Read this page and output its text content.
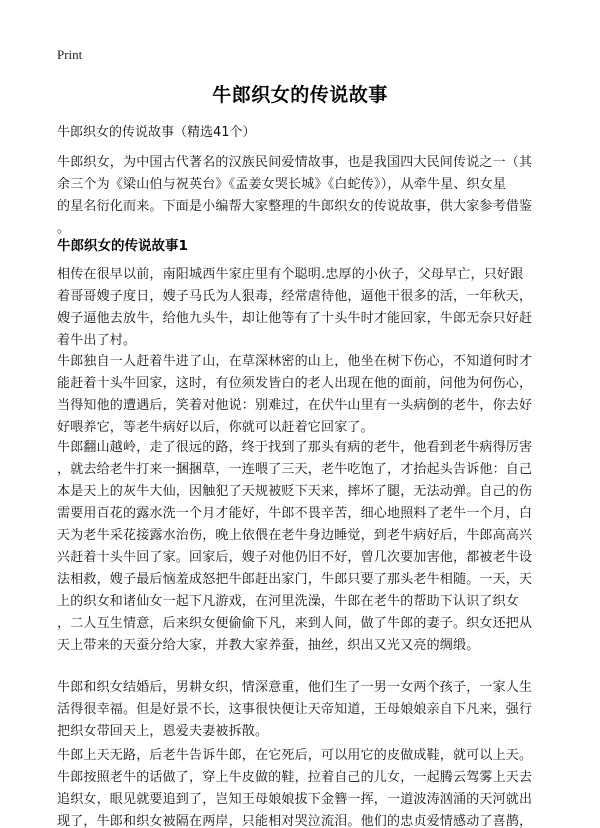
Print
牛郎织女的传说故事
牛郎织女的传说故事（精选41个）
牛郎织女，为中国古代著名的汉族民间爱情故事，也是我国四大民间传说之一（其
余三个为《梁山伯与祝英台》《孟姜女哭长城》《白蛇传》），从牵牛星、织女星
的星名衍化而来。下面是小编帮大家整理的牛郎织女的传说故事，供大家参考借鉴
。
牛郎织女的传说故事1
相传在很早以前，南阳城西牛家庄里有个聪明.忠厚的小伙子，父母早亡，只好跟
着哥哥嫂子度日，嫂子马氏为人狠毒，经常虐待他，逼他干很多的活，一年秋天，
嫂子逼他去放牛，给他九头牛，却让他等有了十头牛时才能回家，牛郎无奈只好赶
着牛出了村。
牛郎独自一人赶着牛进了山，在草深林密的山上，他坐在树下伤心，不知道何时才
能赶着十头牛回家，这时，有位须发皆白的老人出现在他的面前，问他为何伤心，
当得知他的遭遇后，笑着对他说：别难过，在伏牛山里有一头病倒的老牛，你去好
好喂养它，等老牛病好以后，你就可以赶着它回家了。
牛郎翻山越岭，走了很远的路，终于找到了那头有病的老牛，他看到老牛病得厉害
，就去给老牛打来一捆捆草，一连喂了三天，老牛吃饱了，才抬起头告诉他：自己
本是天上的灰牛大仙，因触犯了天规被贬下天来，摔坏了腿，无法动弹。自己的伤
需要用百花的露水洗一个月才能好，牛郎不畏辛苦，细心地照料了老牛一个月，白
天为老牛采花接露水治伤，晚上依偎在老牛身边睡觉，到老牛病好后，牛郎高高兴
兴赶着十头牛回了家。回家后，嫂子对他仍旧不好，曾几次要加害他，都被老牛设
法相救，嫂子最后恼羞成怒把牛郎赶出家门，牛郎只要了那头老牛相随。一天，天
上的织女和诸仙女一起下凡游戏，在河里洗澡，牛郎在老牛的帮助下认识了织女
，二人互生情意，后来织女便偷偷下凡，来到人间，做了牛郎的妻子。织女还把从
天上带来的天蚕分给大家，并教大家养蚕，抽丝，织出又光又亮的绸缎。
牛郎和织女结婚后，男耕女织，情深意重，他们生了一男一女两个孩子，一家人生
活得很幸福。但是好景不长，这事很快便让天帝知道，王母娘娘亲自下凡来，强行
把织女带回天上，恩爱夫妻被拆散。
牛郎上天无路，后老牛告诉牛郎，在它死后，可以用它的皮做成鞋，就可以上天。
牛郎按照老牛的话做了，穿上牛皮做的鞋，拉着自己的儿女，一起腾云驾雾上天去
追织女，眼见就要追到了，岂知王母娘娘拔下金簪一挥，一道波涛汹涌的天河就出
现了，牛郎和织女被隔在两岸，只能相对哭泣流泪。他们的忠贞爱情感动了喜鹊，
